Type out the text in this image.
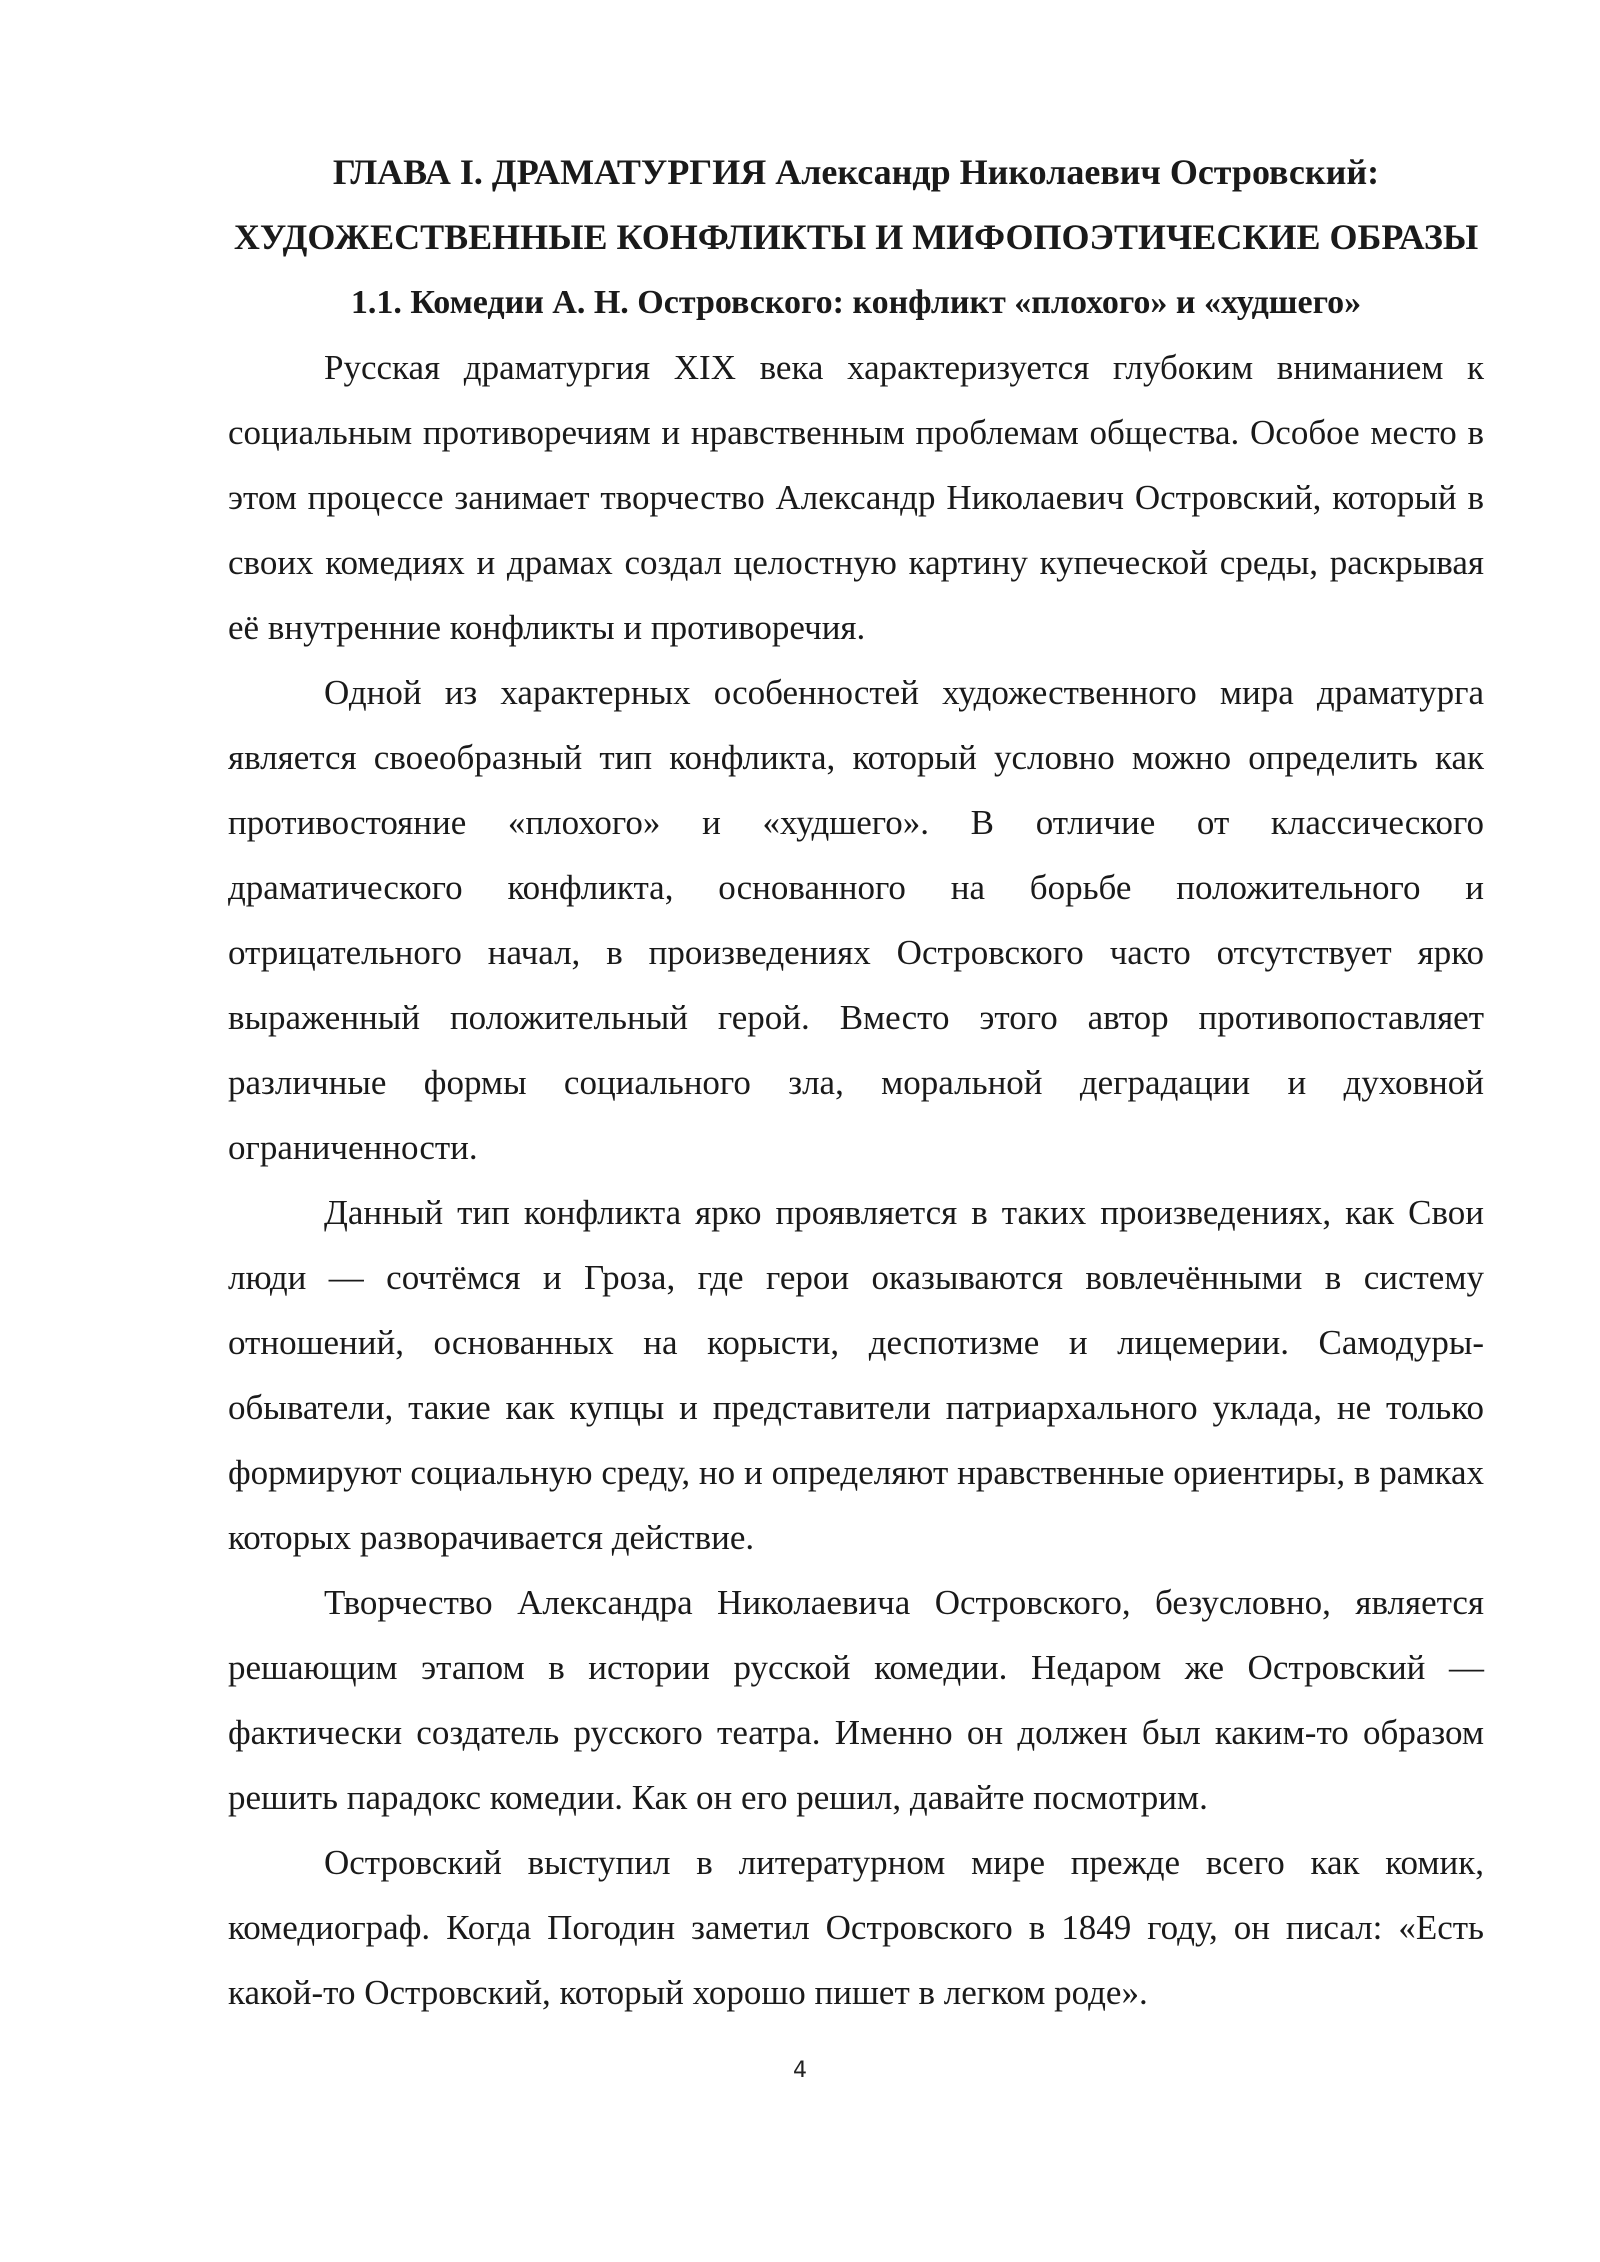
ГЛАВА I. ДРАМАТУРГИЯ Александр Николаевич Островский: ХУДОЖЕСТВЕННЫЕ КОНФЛИКТЫ И МИФОПОЭТИЧЕСКИЕ ОБРАЗЫ
1.1. Комедии А. Н. Островского: конфликт «плохого» и «худшего»

Русская драматургия XIX века характеризуется глубоким вниманием к социальным противоречиям и нравственным проблемам общества. Особое место в этом процессе занимает творчество Александр Николаевич Островский, который в своих комедиях и драмах создал целостную картину купеческой среды, раскрывая её внутренние конфликты и противоречия.

Одной из характерных особенностей художественного мира драматурга является своеобразный тип конфликта, который условно можно определить как противостояние «плохого» и «худшего». В отличие от классического драматического конфликта, основанного на борьбе положительного и отрицательного начал, в произведениях Островского часто отсутствует ярко выраженный положительный герой. Вместо этого автор противопоставляет различные формы социального зла, моральной деградации и духовной ограниченности.

Данный тип конфликта ярко проявляется в таких произведениях, как Свои люди — сочтёмся и Гроза, где герои оказываются вовлечёнными в систему отношений, основанных на корысти, деспотизме и лицемерии. Самодуры-обыватели, такие как купцы и представители патриархального уклада, не только формируют социальную среду, но и определяют нравственные ориентиры, в рамках которых разворачивается действие.

Творчество Александра Николаевича Островского, безусловно, является решающим этапом в истории русской комедии. Недаром же Островский — фактически создатель русского театра. Именно он должен был каким-то образом решить парадокс комедии. Как он его решил, давайте посмотрим.

Островский выступил в литературном мире прежде всего как комик, комедиограф. Когда Погодин заметил Островского в 1849 году, он писал: «Есть какой-то Островский, который хорошо пишет в легком роде».

4
